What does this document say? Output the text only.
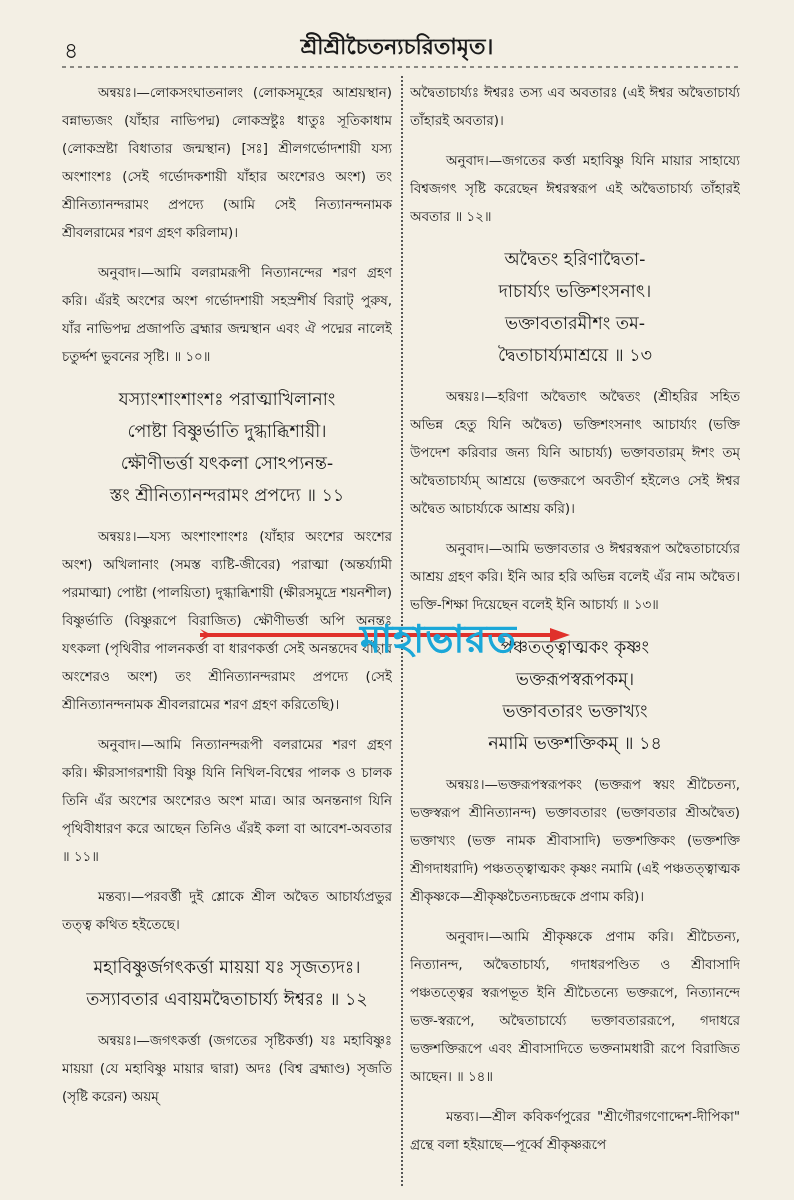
৪	শ্রীশ্রীচৈতন্যচরিতামৃত।

অন্বয়ঃ।—লোকসংঘাতনালং (লোকসমূহের আশ্রয়স্থান) বন্নাভ্যজং (যাঁহার নাভিপদ্ম) লোকস্রষ্টুঃ ধাতুঃ সূতিকাধাম (লোকস্রষ্টা বিধাতার জন্মস্থান) [সঃ] শ্রীলগর্ভোদশায়ী যস্য অংশাংশঃ (সেই গর্ভোদকশায়ী যাঁহার অংশেরও অংশ) তং শ্রীনিত্যানন্দরামং প্রপদ্যে (আমি সেই নিত্যানন্দনামক শ্রীবলরামের শরণ গ্রহণ করিলাম)।

অনুবাদ।—আমি বলরামরূপী নিত্যানন্দের শরণ গ্রহণ করি। এঁরই অংশের অংশ গর্ভোদশায়ী সহস্রশীর্ষ বিরাট্ পুরুষ, যাঁর নাভিপদ্ম প্রজাপতি ব্রহ্মার জন্মস্থান এবং ঐ পদ্মের নালেই চতুর্দ্দশ ভুবনের সৃষ্টি। ॥ ১০॥

যস্যাংশাংশাংশঃ পরাত্মাখিলানাং
পোষ্টা বিষ্ণুর্ভাতি দুগ্ধাব্ধিশায়ী।
ক্ষৌণীভর্ত্তা যৎকলা সোঽপ্যনন্ত-
স্তং শ্রীনিত্যানন্দরামং প্রপদ্যে ॥ ১১

অন্বয়ঃ।—যস্য অংশাংশাংশঃ (যাঁহার অংশের অংশের অংশ) অখিলানাং (সমস্ত ব্যষ্টি-জীবের) পরাত্মা (অন্তর্য্যামী পরমাত্মা) পোষ্টা (পালয়িতা) দুগ্ধাব্ধিশায়ী (ক্ষীরসমুদ্রে শয়নশীল) বিষ্ণুর্ভাতি (বিষ্ণুরূপে বিরাজিত) ক্ষৌণীভর্ত্তা অপি অনন্তঃ যৎকলা (পৃথিবীর পালনকর্ত্তা বা ধারণকর্ত্তা সেই অনন্তদেব যাঁহার অংশেরও অংশ) তং শ্রীনিত্যানন্দরামং প্রপদ্যে (সেই শ্রীনিত্যানন্দনামক শ্রীবলরামের শরণ গ্রহণ করিতেছি)।

অনুবাদ।—আমি নিত্যানন্দরূপী বলরামের শরণ গ্রহণ করি। ক্ষীরসাগরশায়ী বিষ্ণু যিনি নিখিল-বিশ্বের পালক ও চালক তিনি এঁর অংশের অংশেরও অংশ মাত্র। আর অনন্তনাগ যিনি পৃথিবীধারণ করে আছেন তিনিও এঁরই কলা বা আবেশ-অবতার ॥ ১১॥

মন্তব্য।—পরবর্ত্তী দুই শ্লোকে শ্রীল অদ্বৈত আচার্য্যপ্রভুর তত্ত্ব কথিত হইতেছে।

মহাবিষ্ণুর্জগৎকর্ত্তা মায়য়া যঃ সৃজত্যদঃ।
তস্যাবতার এবায়মদ্বৈতাচার্য্য ঈশ্বরঃ ॥ ১২

অন্বয়ঃ।—জগৎকর্ত্তা (জগতের সৃষ্টিকর্ত্তা) যঃ মহাবিষ্ণুঃ মায়য়া (যে মহাবিষ্ণু মায়ার দ্বারা) অদঃ (বিশ্ব ব্রহ্মাণ্ড) সৃজতি (সৃষ্টি করেন) অয়ম্

অদ্বৈতাচার্য্যঃ ঈশ্বরঃ তস্য এব অবতারঃ (এই ঈশ্বর অদ্বৈতাচার্য্য তাঁহারই অবতার)।

অনুবাদ।—জগতের কর্ত্তা মহাবিষ্ণু যিনি মায়ার সাহায্যে বিশ্বজগৎ সৃষ্টি করেছেন ঈশ্বরস্বরূপ এই অদ্বৈতাচার্য্য তাঁহারই অবতার ॥ ১২॥

অদ্বৈতং হরিণাদ্বৈতা-
দাচার্য্যং ভক্তিশংসনাৎ।
ভক্তাবতারমীশং তম-
দ্বৈতাচার্য্যমাশ্রয়ে ॥ ১৩

অন্বয়ঃ।—হরিণা অদ্বৈতাৎ অদ্বৈতং (শ্রীহরির সহিত অভিন্ন হেতু যিনি অদ্বৈত) ভক্তিশংসনাৎ আচার্য্যং (ভক্তি উপদেশ করিবার জন্য যিনি আচার্য্য) ভক্তাবতারম্ ঈশং তম্ অদ্বৈতাচার্য্যম্ আশ্রয়ে (ভক্তরূপে অবতীর্ণ হইলেও সেই ঈশ্বর অদ্বৈত আচার্য্যকে আশ্রয় করি)।

অনুবাদ।—আমি ভক্তাবতার ও ঈশ্বরস্বরূপ অদ্বৈতাচার্য্যের আশ্রয় গ্রহণ করি। ইনি আর হরি অভিন্ন বলেই এঁর নাম অদ্বৈত। ভক্তি-শিক্ষা দিয়েছেন বলেই ইনি আচার্য্য ॥ ১৩॥

পঞ্চতত্ত্বাত্মকং কৃষ্ণং
ভক্তরূপস্বরূপকম্।
ভক্তাবতারং ভক্তাখ্যং
নমামি ভক্তশক্তিকম্ ॥ ১৪

অন্বয়ঃ।—ভক্তরূপস্বরূপকং (ভক্তরূপ স্বয়ং শ্রীচৈতন্য, ভক্তস্বরূপ শ্রীনিত্যানন্দ) ভক্তাবতারং (ভক্তাবতার শ্রীঅদ্বৈত) ভক্তাখ্যং (ভক্ত নামক শ্রীবাসাদি) ভক্তশক্তিকং (ভক্তশক্তি শ্রীগদাধরাদি) পঞ্চতত্ত্বাত্মকং কৃষ্ণং নমামি (এই পঞ্চতত্ত্বাত্মক শ্রীকৃষ্ণকে—শ্রীকৃষ্ণচৈতন্যচন্দ্রকে প্রণাম করি)।

অনুবাদ।—আমি শ্রীকৃষ্ণকে প্রণাম করি। শ্রীচৈতন্য, নিত্যানন্দ, অদ্বৈতাচার্য্য, গদাধরপণ্ডিত ও শ্রীবাসাদি পঞ্চতত্ত্বের স্বরূপভূত ইনি শ্রীচৈতন্যে ভক্তরূপে, নিত্যানন্দে ভক্ত-স্বরূপে, অদ্বৈতাচার্য্যে ভক্তাবতাররূপে, গদাধরে ভক্তশক্তিরূপে এবং শ্রীবাসাদিতে ভক্তনামধারী রূপে বিরাজিত আছেন। ॥ ১৪॥

মন্তব্য।—শ্রীল কবিকর্ণপুরের "শ্রীগৌরগণোদ্দেশ-দীপিকা" গ্রন্থে বলা হইয়াছে—পূর্ব্বে শ্রীকৃষ্ণরূপে

মাহাভারত
